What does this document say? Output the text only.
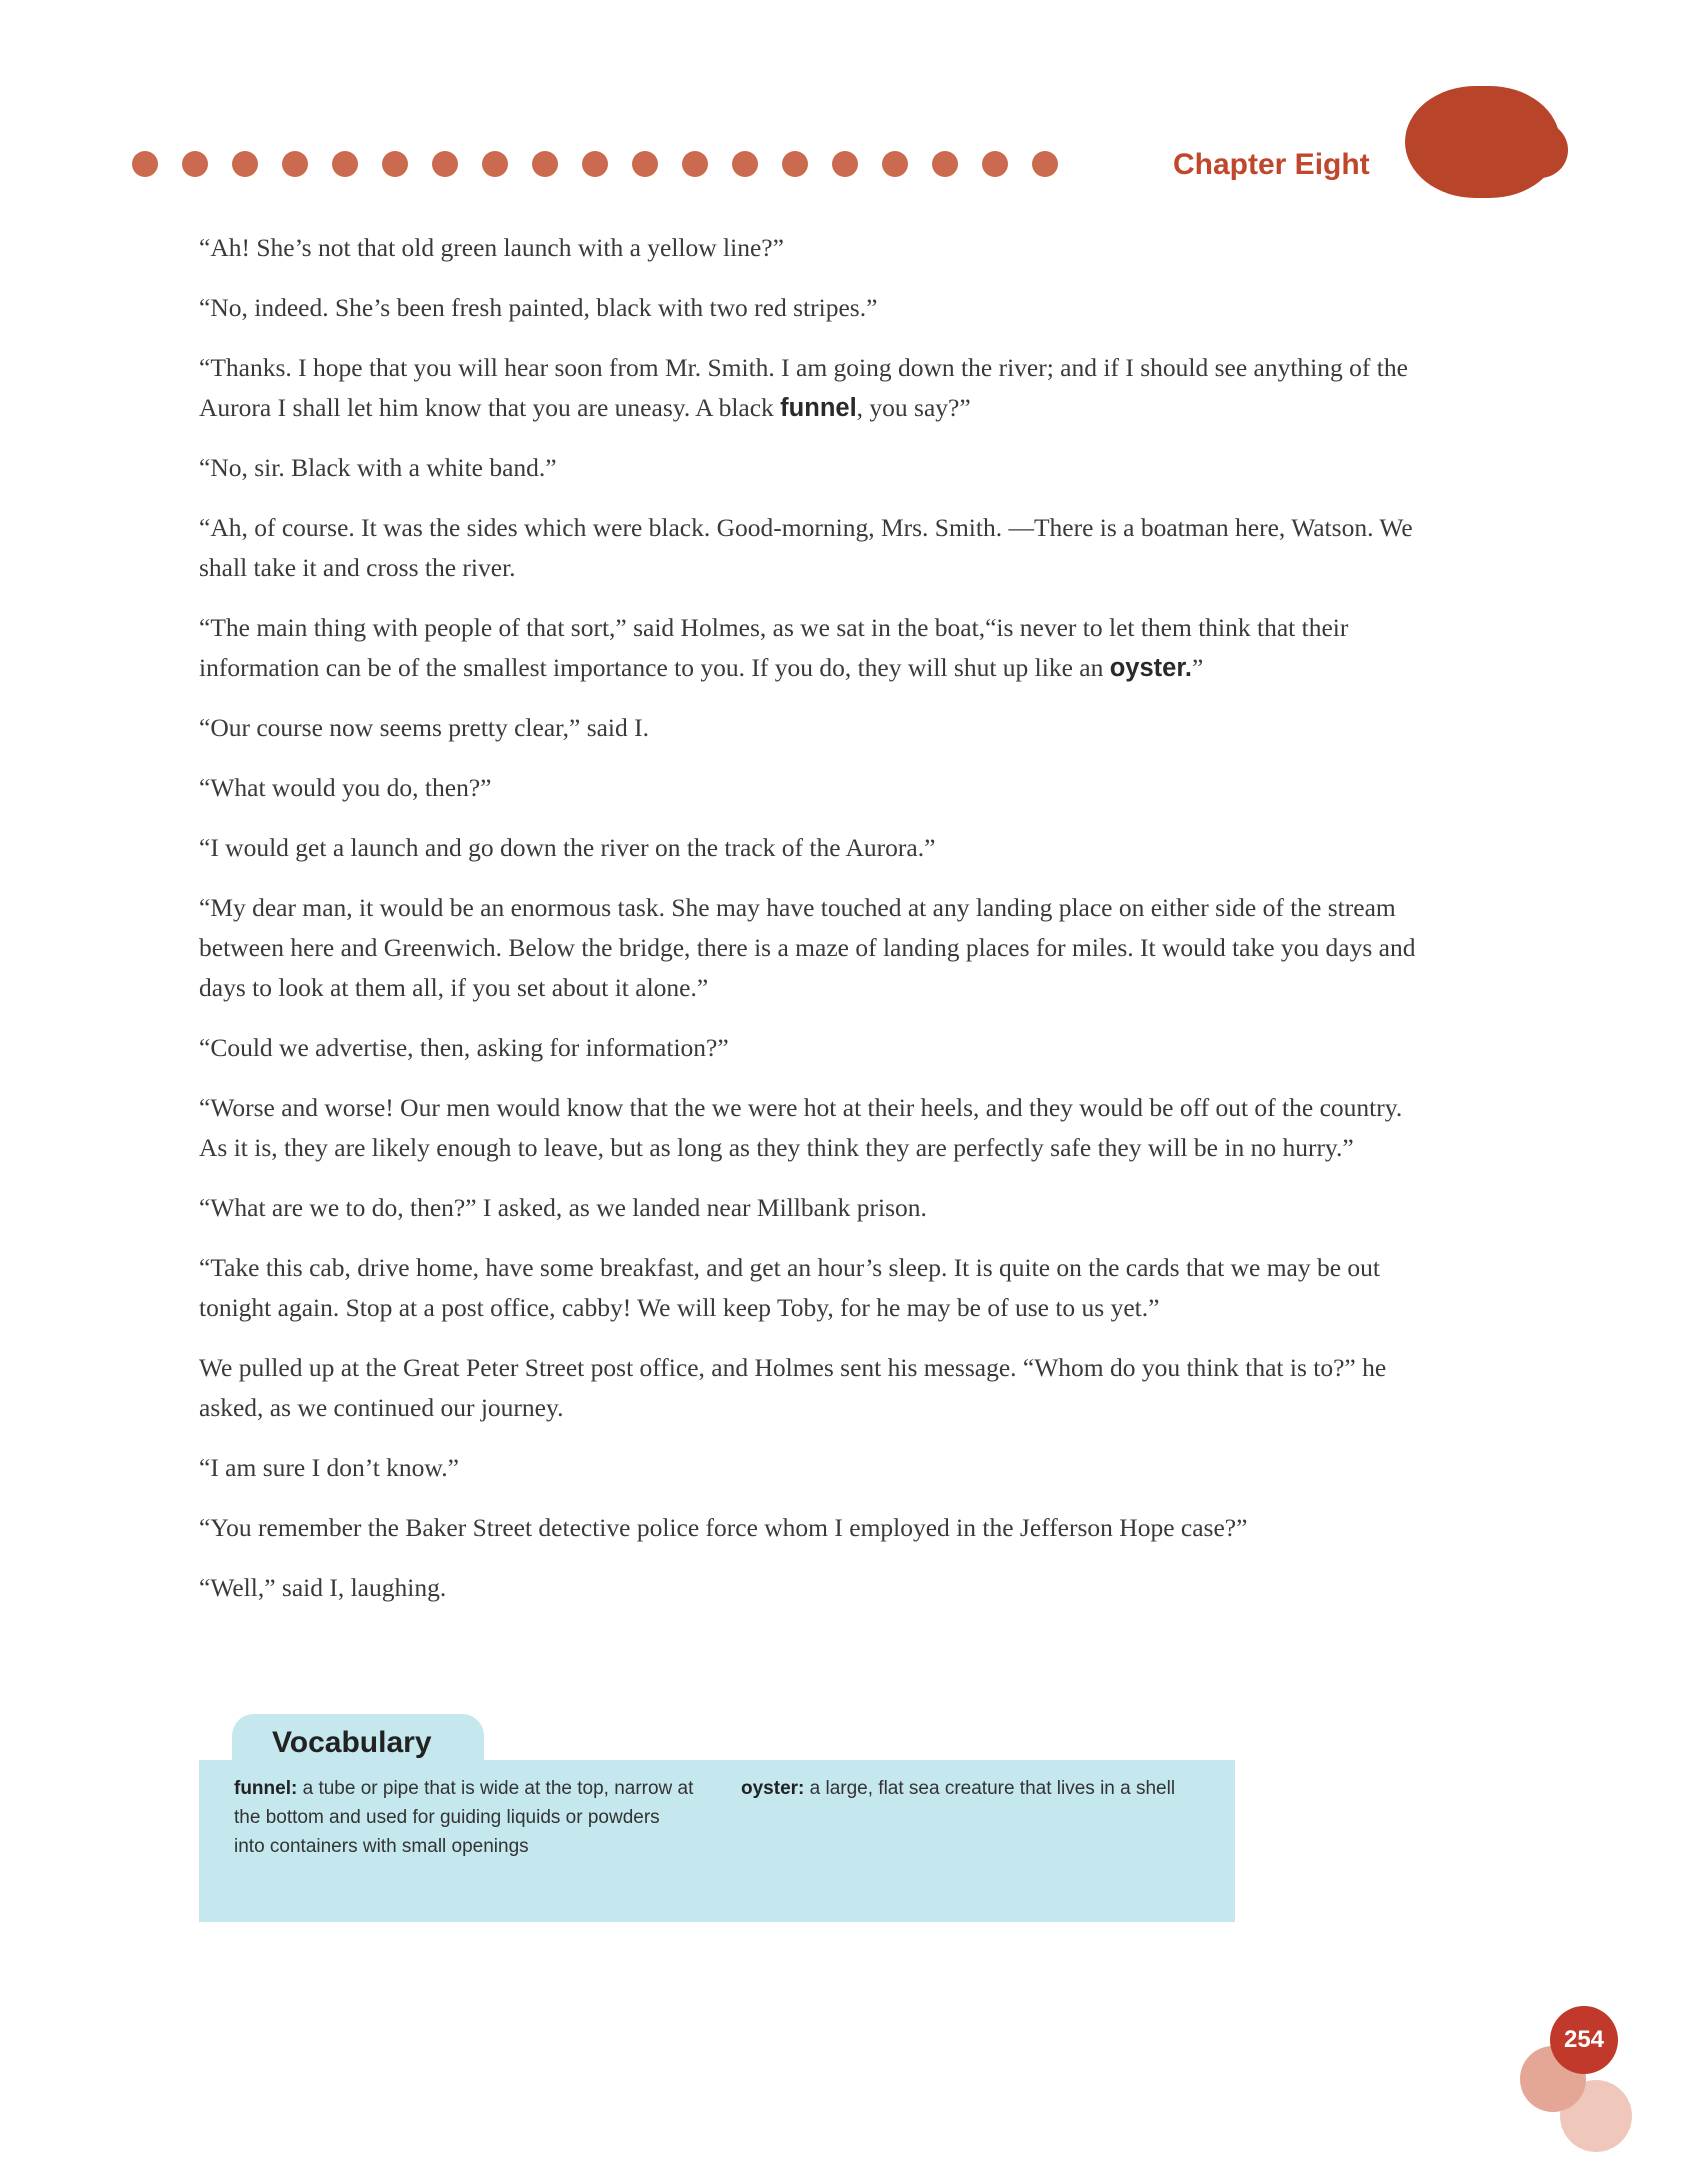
Chapter Eight

“Ah! She’s not that old green launch with a yellow line?”

“No, indeed. She’s been fresh painted, black with two red stripes.”

“Thanks. I hope that you will hear soon from Mr. Smith. I am going down the river; and if I should see anything of the Aurora I shall let him know that you are uneasy. A black funnel, you say?”

“No, sir. Black with a white band.”

“Ah, of course. It was the sides which were black. Good-morning, Mrs. Smith. —There is a boatman here, Watson. We shall take it and cross the river.

“The main thing with people of that sort,” said Holmes, as we sat in the boat,“is never to let them think that their information can be of the smallest importance to you. If you do, they will shut up like an oyster.”

“Our course now seems pretty clear,” said I.

“What would you do, then?”

“I would get a launch and go down the river on the track of the Aurora.”

“My dear man, it would be an enormous task. She may have touched at any landing place on either side of the stream between here and Greenwich. Below the bridge, there is a maze of landing places for miles. It would take you days and days to look at them all, if you set about it alone.”

“Could we advertise, then, asking for information?”

“Worse and worse! Our men would know that the we were hot at their heels, and they would be off out of the country. As it is, they are likely enough to leave, but as long as they think they are perfectly safe they will be in no hurry.”

“What are we to do, then?” I asked, as we landed near Millbank prison.

“Take this cab, drive home, have some breakfast, and get an hour’s sleep. It is quite on the cards that we may be out tonight again. Stop at a post office, cabby! We will keep Toby, for he may be of use to us yet.”

We pulled up at the Great Peter Street post office, and Holmes sent his message. “Whom do you think that is to?” he asked, as we continued our journey.

“I am sure I don’t know.”

“You remember the Baker Street detective police force whom I employed in the Jefferson Hope case?”

“Well,” said I, laughing.

Vocabulary
funnel: a tube or pipe that is wide at the top, narrow at the bottom and used for guiding liquids or powders into containers with small openings
oyster: a large, flat sea creature that lives in a shell
254
